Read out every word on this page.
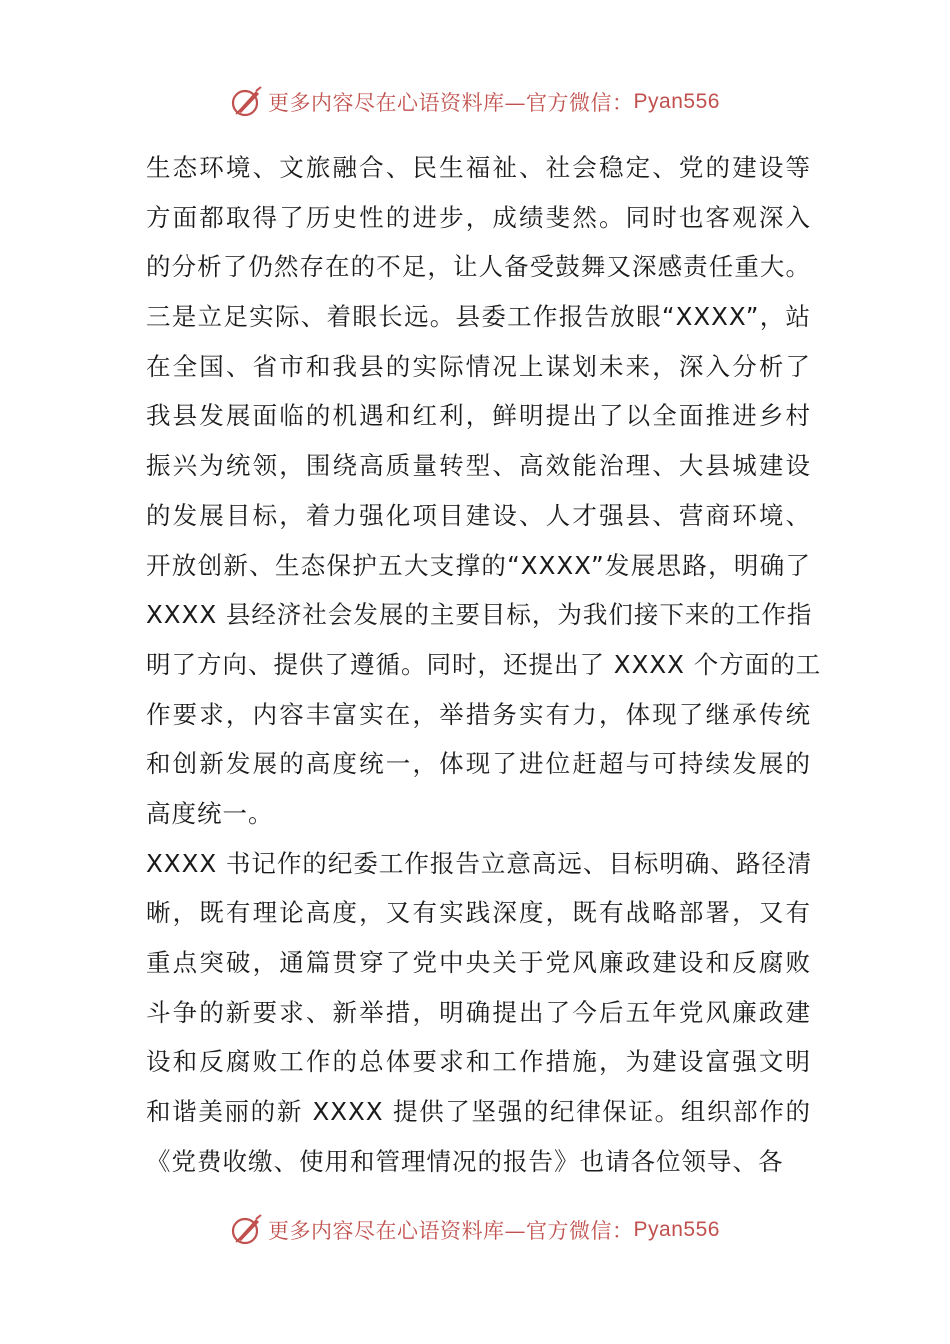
更多内容尽在心语资料库—官方微信： Pyan556
生态环境、文旅融合、民生福祉、社会稳定、党的建设等
方面都取得了历史性的进步，成绩斐然。同时也客观深入
的分析了仍然存在的不足，让人备受鼓舞又深感责任重大。
三是立足实际、着眼长远。县委工作报告放眼“XXXX”，站
在全国、省市和我县的实际情况上谋划未来，深入分析了
我县发展面临的机遇和红利，鲜明提出了以全面推进乡村
振兴为统领，围绕高质量转型、高效能治理、大县城建设
的发展目标，着力强化项目建设、人才强县、营商环境、
开放创新、生态保护五大支撑的“XXXX”发展思路，明确了
XXXX 县经济社会发展的主要目标，为我们接下来的工作指
明了方向、提供了遵循。同时，还提出了 XXXX 个方面的工
作要求，内容丰富实在，举措务实有力，体现了继承传统
和创新发展的高度统一，体现了进位赶超与可持续发展的
高度统一。
XXXX 书记作的纪委工作报告立意高远、目标明确、路径清
晰，既有理论高度，又有实践深度，既有战略部署，又有
重点突破，通篇贯穿了党中央关于党风廉政建设和反腐败
斗争的新要求、新举措，明确提出了今后五年党风廉政建
设和反腐败工作的总体要求和工作措施，为建设富强文明
和谐美丽的新 XXXX 提供了坚强的纪律保证。组织部作的
《党费收缴、使用和管理情况的报告》也请各位领导、各
更多内容尽在心语资料库—官方微信： Pyan556
